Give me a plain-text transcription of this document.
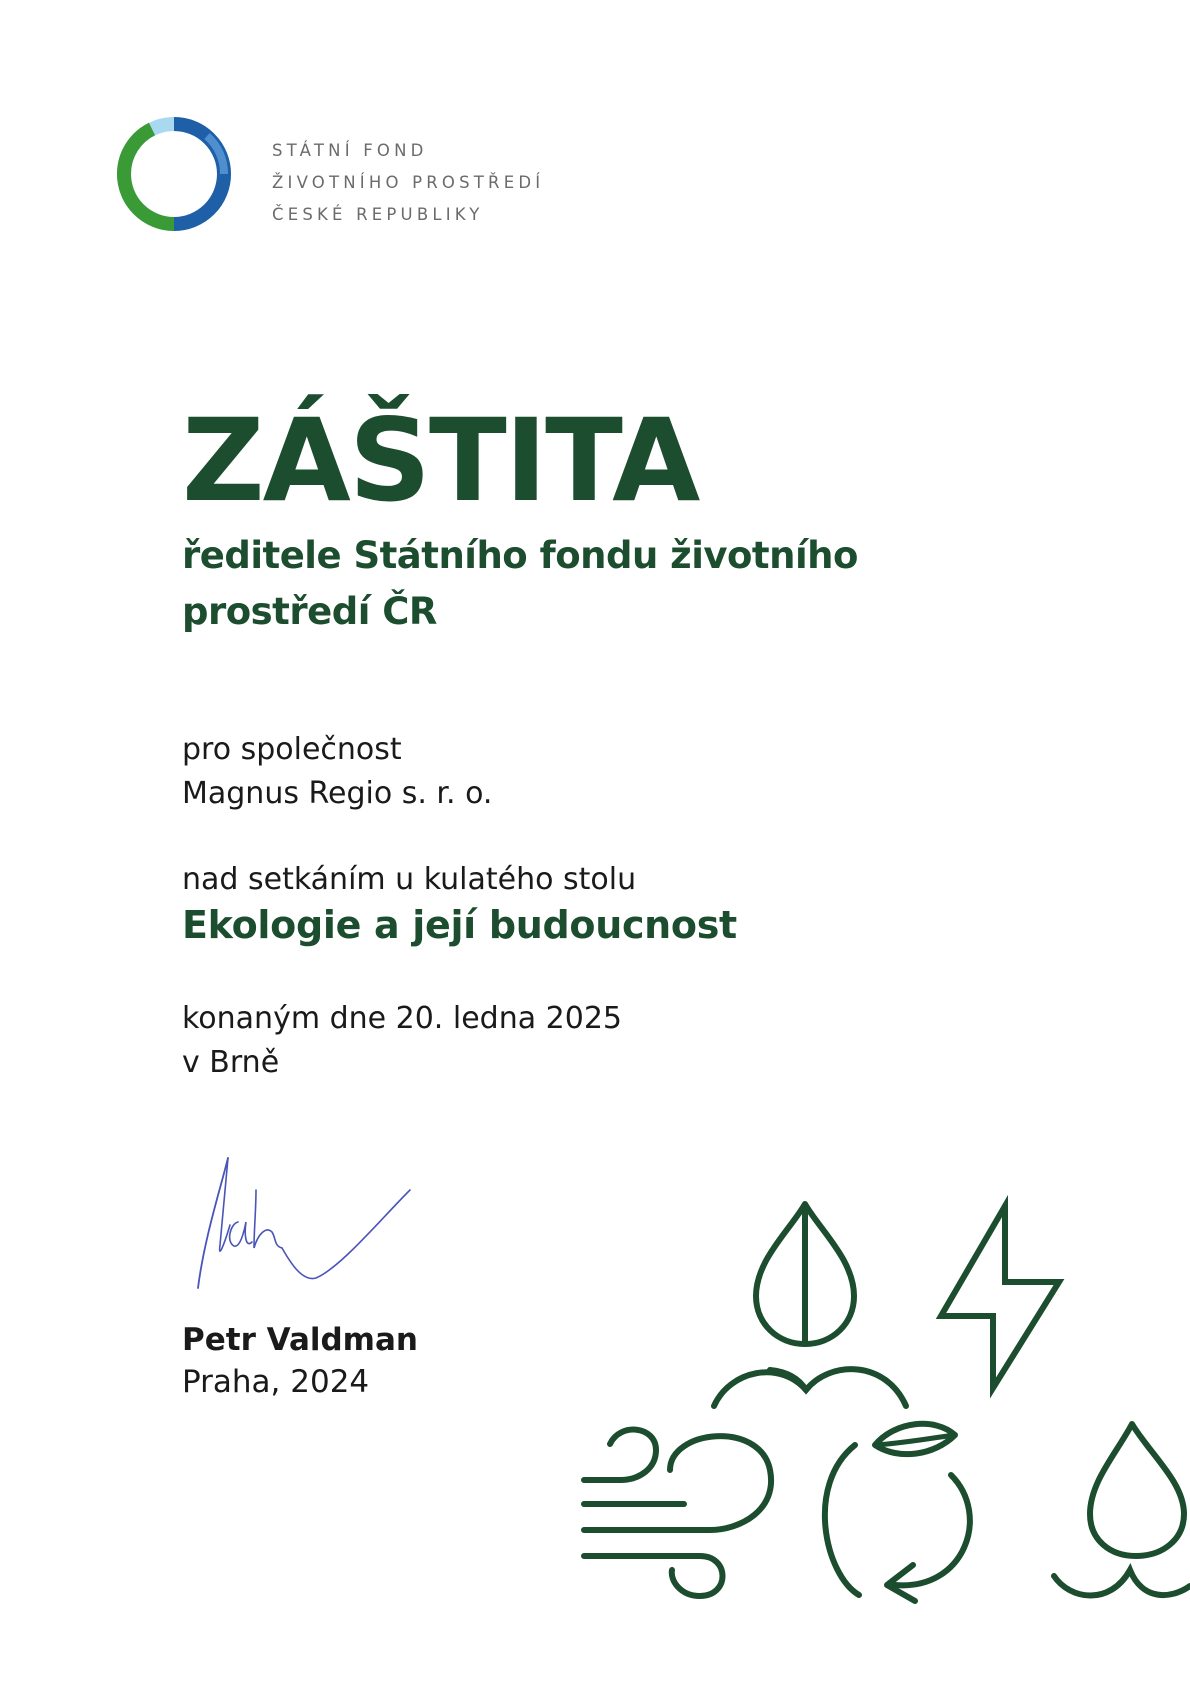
STÁTNÍ FOND
ŽIVOTNÍHO PROSTŘEDÍ
ČESKÉ REPUBLIKY
ZÁŠTITA
ředitele Státního fondu životního
prostředí ČR
pro společnost
Magnus Regio s. r. o.
nad setkáním u kulatého stolu
Ekologie a její budoucnost
konaným dne 20. ledna 2025
v Brně
Petr Valdman
Praha, 2024
